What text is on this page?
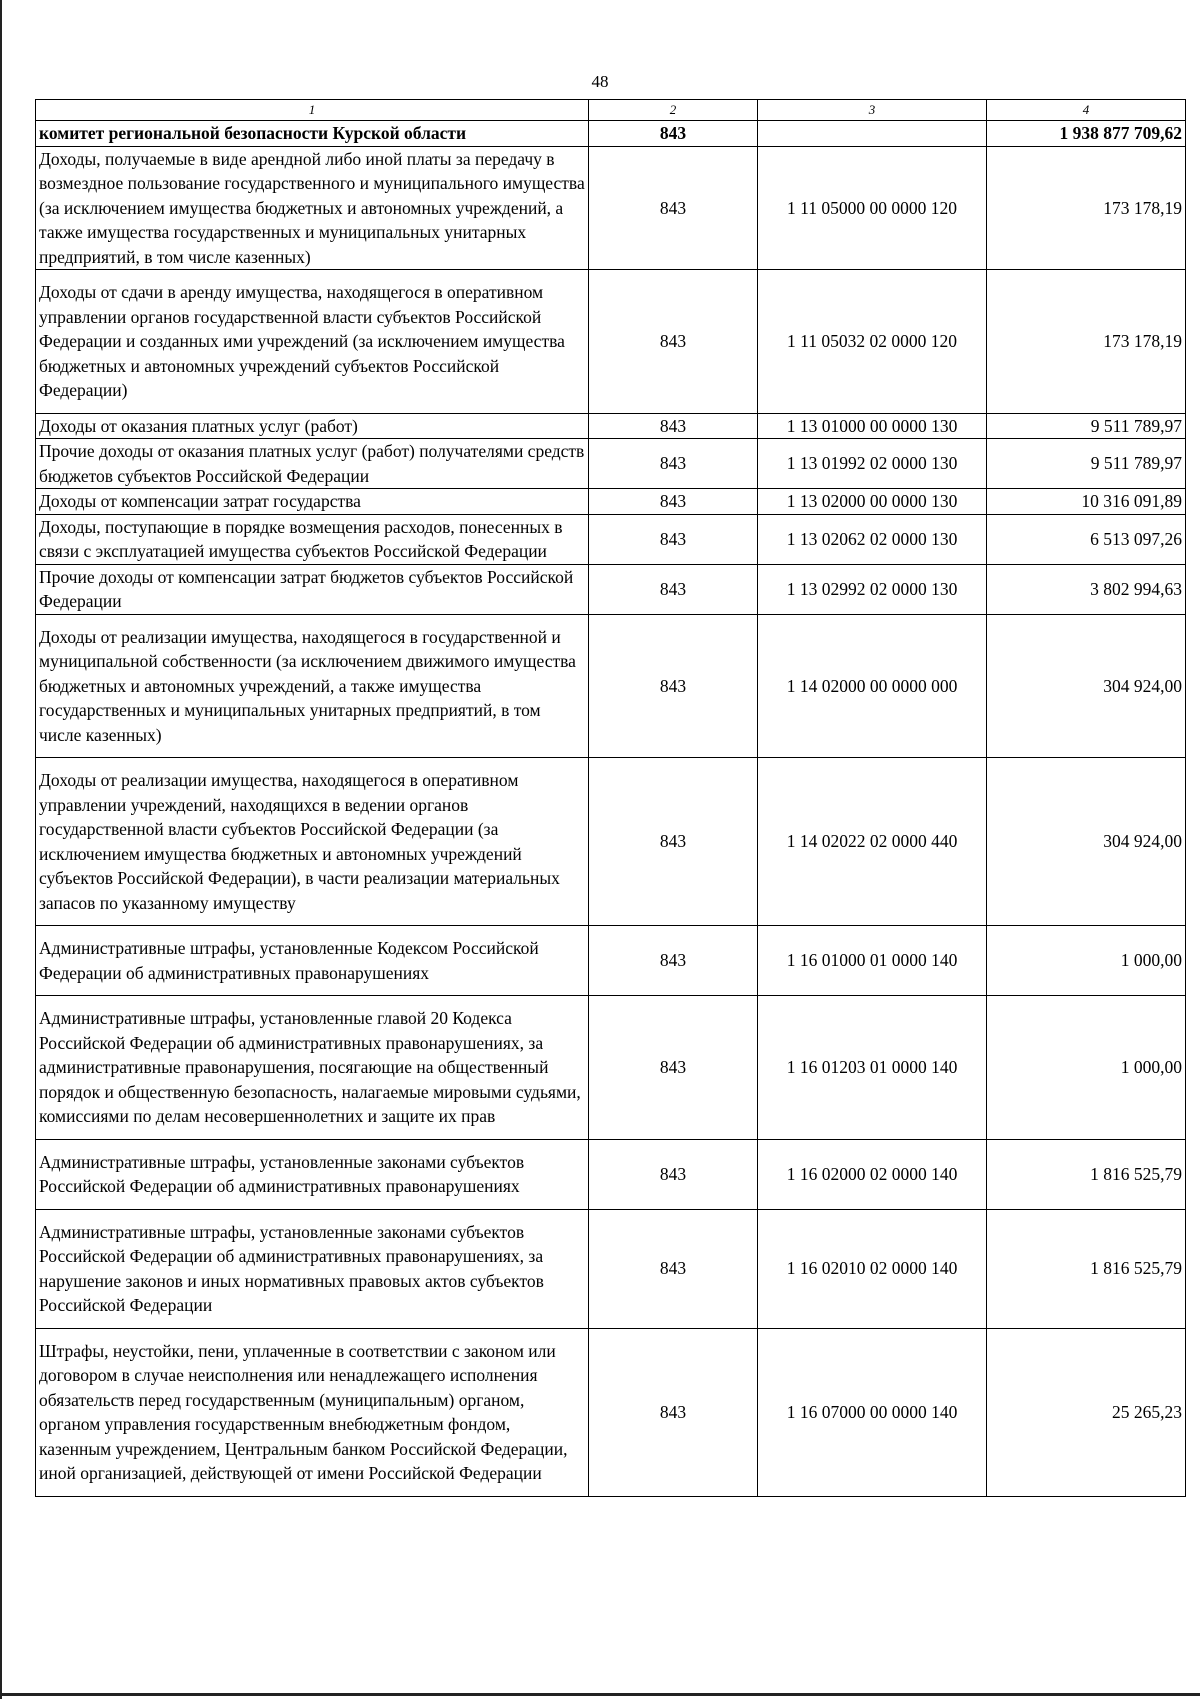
48
1	2	3	4
комитет региональной безопасности Курской области	843		1 938 877 709,62
Доходы, получаемые в виде арендной либо иной платы за передачу в возмездное пользование государственного и муниципального имущества (за исключением имущества бюджетных и автономных учреждений, а также имущества государственных и муниципальных унитарных предприятий, в том числе казенных)	843	1 11 05000 00 0000 120	173 178,19
Доходы от сдачи в аренду имущества, находящегося в оперативном управлении органов государственной власти субъектов Российской Федерации и созданных ими учреждений (за исключением имущества бюджетных и автономных учреждений субъектов Российской Федерации)	843	1 11 05032 02 0000 120	173 178,19
Доходы от оказания платных услуг (работ)	843	1 13 01000 00 0000 130	9 511 789,97
Прочие доходы от оказания платных услуг (работ) получателями средств бюджетов субъектов Российской Федерации	843	1 13 01992 02 0000 130	9 511 789,97
Доходы от компенсации затрат государства	843	1 13 02000 00 0000 130	10 316 091,89
Доходы, поступающие в порядке возмещения расходов, понесенных в связи с эксплуатацией имущества субъектов Российской Федерации	843	1 13 02062 02 0000 130	6 513 097,26
Прочие доходы от компенсации затрат бюджетов субъектов Российской Федерации	843	1 13 02992 02 0000 130	3 802 994,63
Доходы от реализации имущества, находящегося в государственной и муниципальной собственности (за исключением движимого имущества бюджетных и автономных учреждений, а также имущества государственных и муниципальных унитарных предприятий, в том числе казенных)	843	1 14 02000 00 0000 000	304 924,00
Доходы от реализации имущества, находящегося в оперативном управлении учреждений, находящихся в ведении органов государственной власти субъектов Российской Федерации (за исключением имущества бюджетных и автономных учреждений субъектов Российской Федерации), в части реализации материальных запасов по указанному имуществу	843	1 14 02022 02 0000 440	304 924,00
Административные штрафы, установленные Кодексом Российской Федерации об административных правонарушениях	843	1 16 01000 01 0000 140	1 000,00
Административные штрафы, установленные главой 20 Кодекса Российской Федерации об административных правонарушениях, за административные правонарушения, посягающие на общественный порядок и общественную безопасность, налагаемые мировыми судьями, комиссиями по делам несовершеннолетних и защите их прав	843	1 16 01203 01 0000 140	1 000,00
Административные штрафы, установленные законами субъектов Российской Федерации об административных правонарушениях	843	1 16 02000 02 0000 140	1 816 525,79
Административные штрафы, установленные законами субъектов Российской Федерации об административных правонарушениях, за нарушение законов и иных нормативных правовых актов субъектов Российской Федерации	843	1 16 02010 02 0000 140	1 816 525,79
Штрафы, неустойки, пени, уплаченные в соответствии с законом или договором в случае неисполнения или ненадлежащего исполнения обязательств перед государственным (муниципальным) органом, органом управления государственным внебюджетным фондом, казенным учреждением, Центральным банком Российской Федерации, иной организацией, действующей от имени Российской Федерации	843	1 16 07000 00 0000 140	25 265,23
